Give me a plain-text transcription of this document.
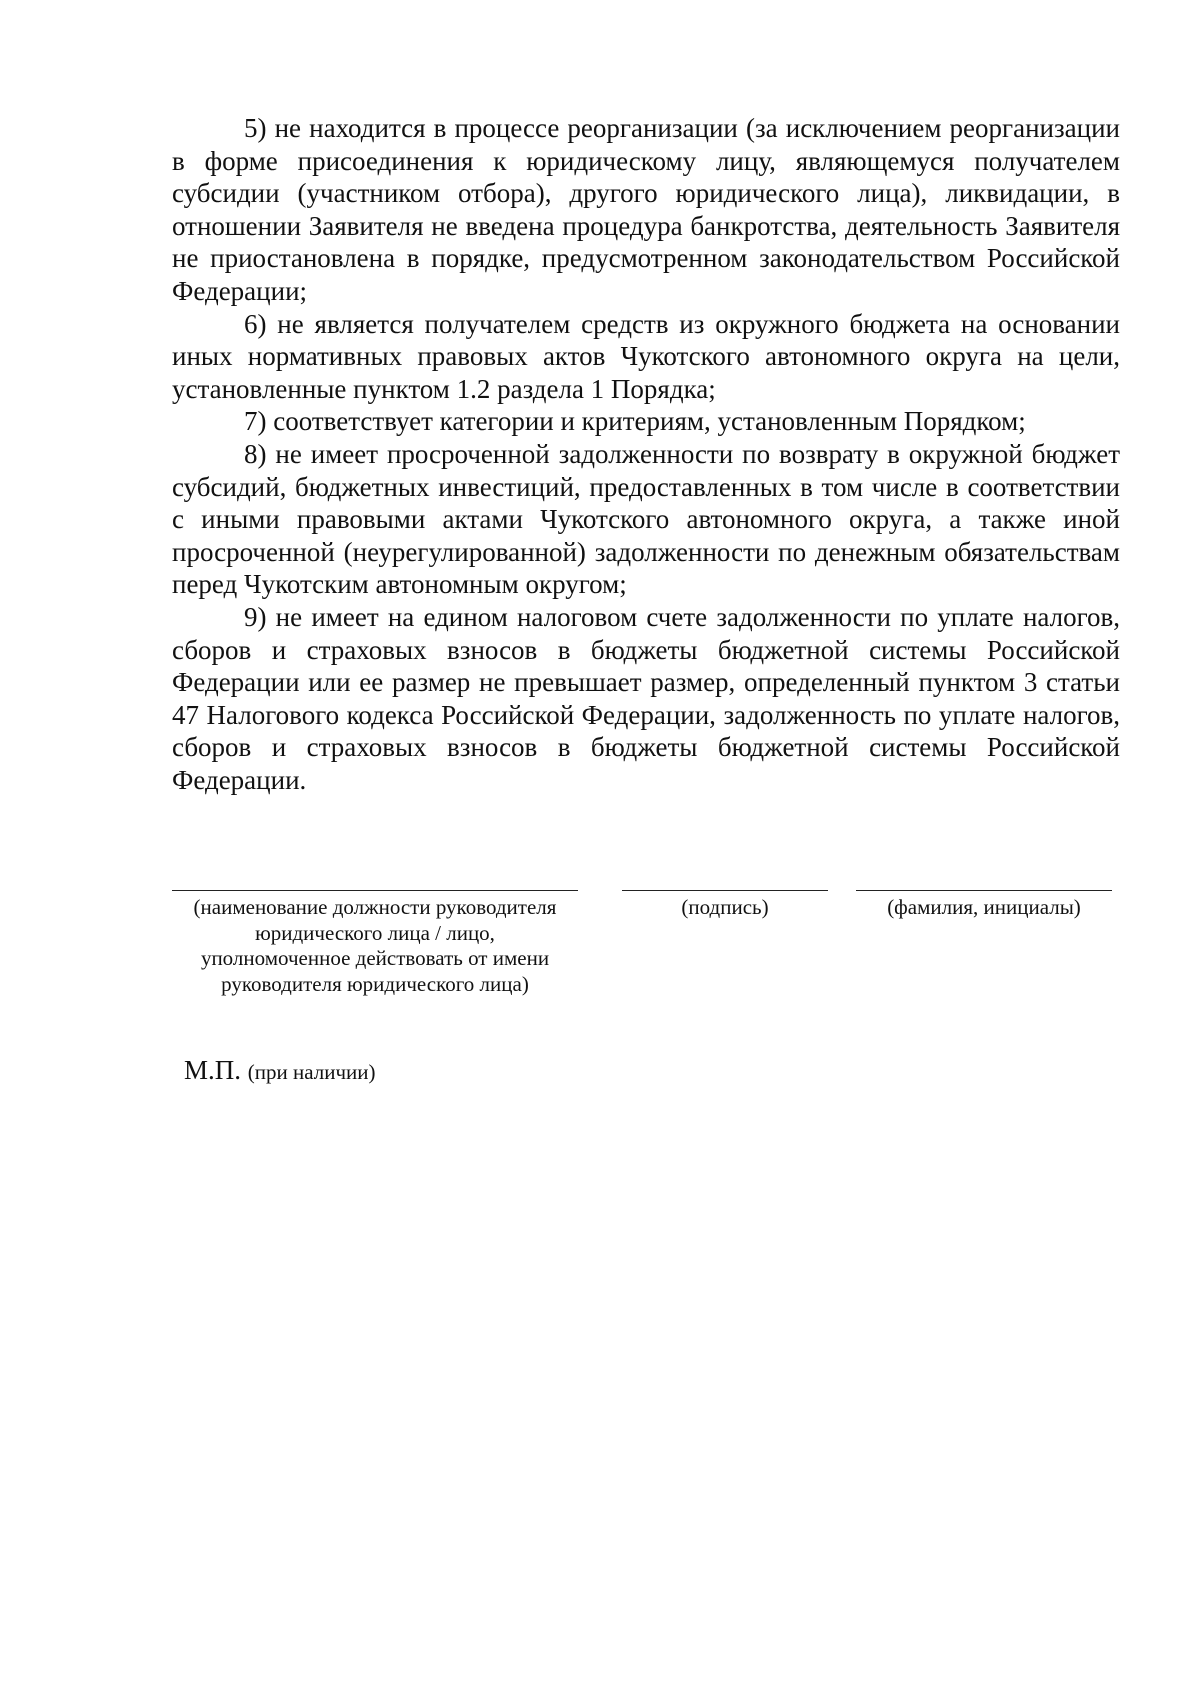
5) не находится в процессе реорганизации (за исключением реорганизации в форме присоединения к юридическому лицу, являющемуся получателем субсидии (участником отбора), другого юридического лица), ликвидации, в отношении Заявителя не введена процедура банкротства, деятельность Заявителя не приостановлена в порядке, предусмотренном законодательством Российской Федерации;

6) не является получателем средств из окружного бюджета на основании иных нормативных правовых актов Чукотского автономного округа на цели, установленные пунктом 1.2 раздела 1 Порядка;

7) соответствует категории и критериям, установленным Порядком;

8) не имеет просроченной задолженности по возврату в окружной бюджет субсидий, бюджетных инвестиций, предоставленных в том числе в соответствии с иными правовыми актами Чукотского автономного округа, а также иной просроченной (неурегулированной) задолженности по денежным обязательствам перед Чукотским автономным округом;

9) не имеет на едином налоговом счете задолженности по уплате налогов, сборов и страховых взносов в бюджеты бюджетной системы Российской Федерации или ее размер не превышает размер, определенный пунктом 3 статьи 47 Налогового кодекса Российской Федерации, задолженность по уплате налогов, сборов и страховых взносов в бюджеты бюджетной системы Российской Федерации.

(наименование должности руководителя юридического лица / лицо, уполномоченное действовать от имени руководителя юридического лица)
(подпись)	(фамилия, инициалы)
М.П. (при наличии)
